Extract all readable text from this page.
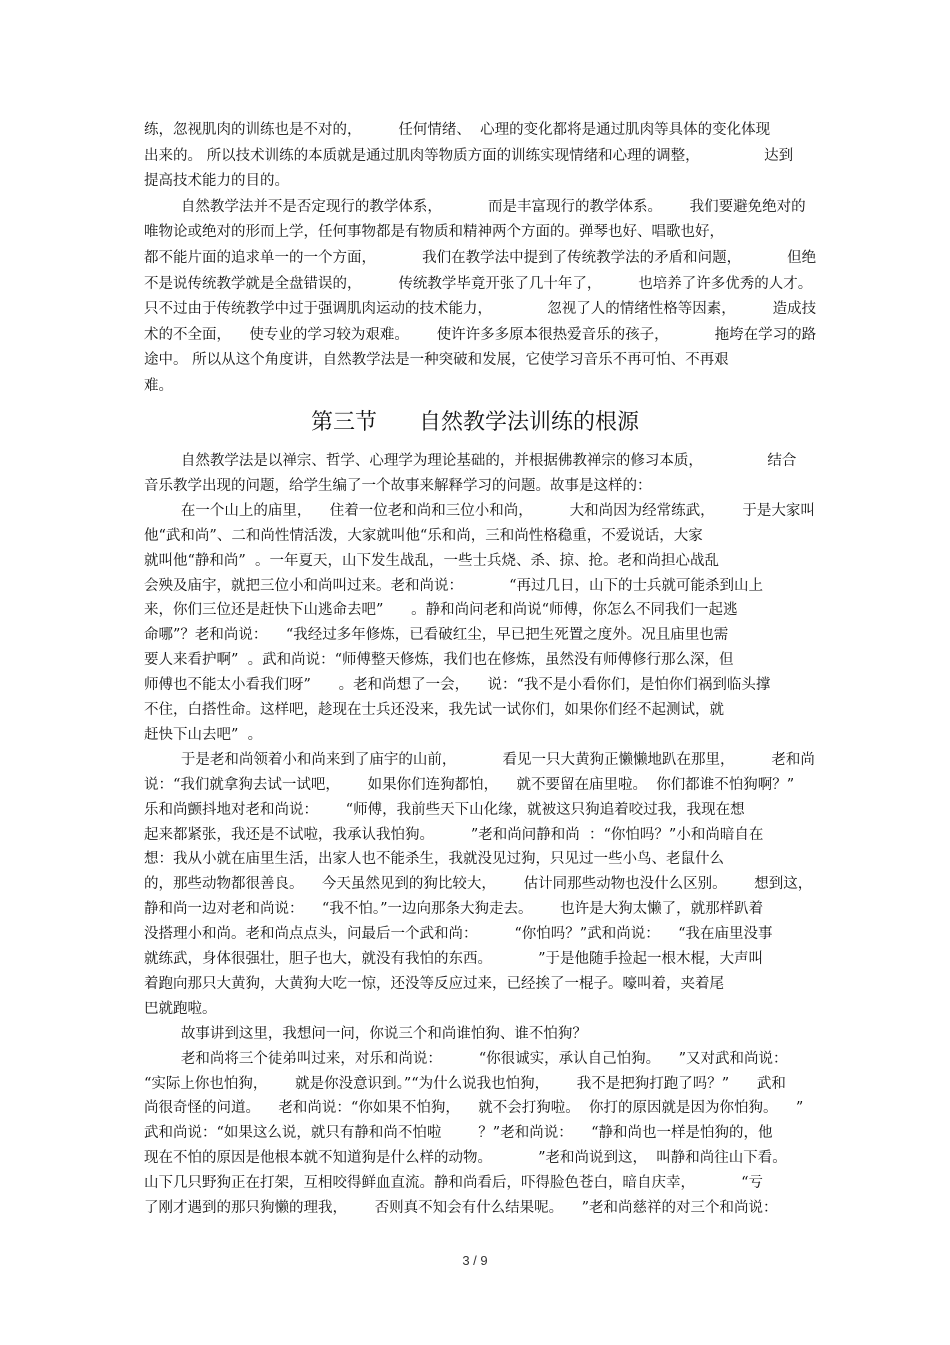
练，忽视肌肉的训练也是不对的，        任何情绪、  心理的变化都将是通过肌肉等具体的变化体现
出来的。 所以技术训练的本质就是通过肌肉等物质方面的训练实现情绪和心理的调整，              达到
提高技术能力的目的。
自然教学法并不是否定现行的教学体系，          而是丰富现行的教学体系。      我们要避免绝对的
唯物论或绝对的形而上学，任何事物都是有物质和精神两个方面的。弹琴也好、唱歌也好，
都不能片面的追求单一的一个方面，          我们在教学法中提到了传统教学法的矛盾和问题，          但绝
不是说传统教学就是全盘错误的，        传统教学毕竟开张了几十年了，        也培养了许多优秀的人才。
只不过由于传统教学中过于强调肌肉运动的技术能力，            忽视了人的情绪性格等因素，        造成技
术的不全面，    使专业的学习较为艰难。      使许许多多原本很热爱音乐的孩子，          拖垮在学习的路
途中。 所以从这个角度讲，自然教学法是一种突破和发展，它使学习音乐不再可怕、不再艰
难。
第三节      自然教学法训练的根源
自然教学法是以禅宗、哲学、心理学为理论基础的，并根据佛教禅宗的修习本质，              结合
音乐教学出现的问题，给学生编了一个故事来解释学习的问题。故事是这样的：
在一个山上的庙里，    住着一位老和尚和三位小和尚，        大和尚因为经常练武，      于是大家叫
他“武和尚”、二和尚性情活泼，大家就叫他“乐和尚，三和尚性格稳重，不爱说话，大家
就叫他“静和尚”  。一年夏天，山下发生战乱，一些士兵烧、杀、掠、抢。老和尚担心战乱
会殃及庙宇，就把三位小和尚叫过来。老和尚说：          “再过几日，山下的士兵就可能杀到山上
来，你们三位还是赶快下山逃命去吧”      。静和尚问老和尚说“师傅，你怎么不同我们一起逃
命哪”？老和尚说：    “我经过多年修炼，已看破红尘，早已把生死置之度外。况且庙里也需
要人来看护啊”  。武和尚说：“师傅整天修炼，我们也在修炼，虽然没有师傅修行那么深，但
师傅也不能太小看我们呀”      。老和尚想了一会，    说：“我不是小看你们，是怕你们祸到临头撑
不住，白搭性命。这样吧，趁现在士兵还没来，我先试一试你们，如果你们经不起测试，就
赶快下山去吧”  。
于是老和尚领着小和尚来到了庙宇的山前，          看见一只大黄狗正懒懒地趴在那里，        老和尚
说：“我们就拿狗去试一试吧，      如果你们连狗都怕，    就不要留在庙里啦。  你们都谁不怕狗啊？”
乐和尚颤抖地对老和尚说：      “师傅，我前些天下山化缘，就被这只狗追着咬过我，我现在想
起来都紧张，我还是不试啦，我承认我怕狗。        ”老和尚问静和尚  ：“你怕吗？”小和尚暗自在
想：我从小就在庙里生活，出家人也不能杀生，我就没见过狗，只见过一些小鸟、老鼠什么
的，那些动物都很善良。    今天虽然见到的狗比较大，      估计同那些动物也没什么区别。      想到这，
静和尚一边对老和尚说：    “我不怕。”一边向那条大狗走去。      也许是大狗太懒了，就那样趴着
没搭理小和尚。老和尚点点头，问最后一个武和尚：        “你怕吗？”武和尚说：    “我在庙里没事
就练武，身体很强壮，胆子也大，就没有我怕的东西。          ”于是他随手捡起一根木棍，大声叫
着跑向那只大黄狗，大黄狗大吃一惊，还没等反应过来，已经挨了一棍子。嚎叫着，夹着尾
巴就跑啦。
故事讲到这里，我想问一问，你说三个和尚谁怕狗、谁不怕狗？
老和尚将三个徒弟叫过来，对乐和尚说：        “你很诚实，承认自己怕狗。    ”又对武和尚说：
“实际上你也怕狗，      就是你没意识到。”“为什么说我也怕狗，      我不是把狗打跑了吗？”      武和
尚很奇怪的问道。    老和尚说：“你如果不怕狗，    就不会打狗啦。  你打的原因就是因为你怕狗。    ”
武和尚说：“如果这么说，就只有静和尚不怕啦        ？”老和尚说：    “静和尚也一样是怕狗的，他
现在不怕的原因是他根本就不知道狗是什么样的动物。          ”老和尚说到这，  叫静和尚往山下看。
山下几只野狗正在打架，互相咬得鲜血直流。静和尚看后，吓得脸色苍白，暗自庆幸，          “亏
了刚才遇到的那只狗懒的理我，      否则真不知会有什么结果呢。    ”老和尚慈祥的对三个和尚说：
3 / 9
